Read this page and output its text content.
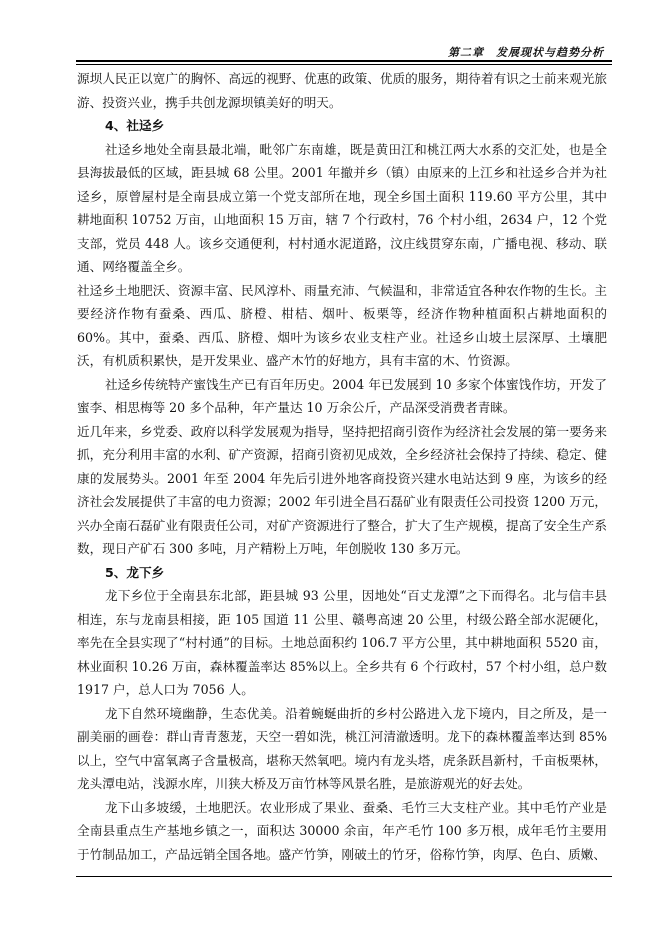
第二章　发展现状与趋势分析

源坝人民正以宽广的胸怀、高远的视野、优惠的政策、优质的服务，期待着有识之士前来观光旅游、投资兴业，携手共创龙源坝镇美好的明天。

4、社迳乡

社迳乡地处全南县最北端，毗邻广东南雄，既是黄田江和桃江两大水系的交汇处，也是全县海拔最低的区域，距县城 68 公里。2001 年撤并乡（镇）由原来的上江乡和社迳乡合并为社迳乡，原曾屋村是全南县成立第一个党支部所在地，现全乡国土面积 119.60 平方公里，其中耕地面积 10752 万亩，山地面积 15 万亩，辖 7 个行政村，76 个村小组，2634 户，12 个党支部，党员 448 人。该乡交通便利，村村通水泥道路，汶庄线贯穿东南，广播电视、移动、联通、网络覆盖全乡。

社迳乡土地肥沃、资源丰富、民风淳朴、雨量充沛、气候温和，非常适宜各种农作物的生长。主要经济作物有蚕桑、西瓜、脐橙、柑桔、烟叶、板栗等，经济作物种植面积占耕地面积的 60%。其中，蚕桑、西瓜、脐橙、烟叶为该乡农业支柱产业。社迳乡山坡土层深厚、土壤肥沃，有机质积累快，是开发果业、盛产木竹的好地方，具有丰富的木、竹资源。

社迳乡传统特产蜜饯生产已有百年历史。2004 年已发展到 10 多家个体蜜饯作坊，开发了蜜李、相思梅等 20 多个品种，年产量达 10 万余公斤，产品深受消费者青睐。

近几年来，乡党委、政府以科学发展观为指导，坚持把招商引资作为经济社会发展的第一要务来抓，充分利用丰富的水利、矿产资源，招商引资初见成效，全乡经济社会保持了持续、稳定、健康的发展势头。2001 年至 2004 年先后引进外地客商投资兴建水电站达到 9 座，为该乡的经济社会发展提供了丰富的电力资源；2002 年引进全昌石磊矿业有限责任公司投资 1200 万元，兴办全南石磊矿业有限责任公司，对矿产资源进行了整合，扩大了生产规模，提高了安全生产系数，现日产矿石 300 多吨，月产精粉上万吨，年创脱收 130 多万元。

5、龙下乡

龙下乡位于全南县东北部，距县城 93 公里，因地处“百丈龙潭”之下而得名。北与信丰县相连，东与龙南县相接，距 105 国道 11 公里、赣粤高速 20 公里，村级公路全部水泥硬化，率先在全县实现了“村村通”的目标。土地总面积约 106.7 平方公里，其中耕地面积 5520 亩，林业面积 10.26 万亩，森林覆盖率达 85%以上。全乡共有 6 个行政村，57 个村小组，总户数 1917 户，总人口为 7056 人。

龙下自然环境幽静，生态优美。沿着蜿蜒曲折的乡村公路进入龙下境内，目之所及，是一副美丽的画卷：群山青青葱茏，天空一碧如洗，桃江河清澈透明。龙下的森林覆盖率达到 85%以上，空气中富氧离子含量极高，堪称天然氧吧。境内有龙头塔，虎条跃昌新村，千亩板栗林，龙头潭电站，浅源水库，川狭大桥及万亩竹林等风景名胜，是旅游观光的好去处。

龙下山多坡缓，土地肥沃。农业形成了果业、蚕桑、毛竹三大支柱产业。其中毛竹产业是全南县重点生产基地乡镇之一，面积达 30000 余亩，年产毛竹 100 多万根，成年毛竹主要用于竹制品加工，产品远销全国各地。盛产竹笋，刚破土的竹牙，俗称竹笋，肉厚、色白、质嫩、
